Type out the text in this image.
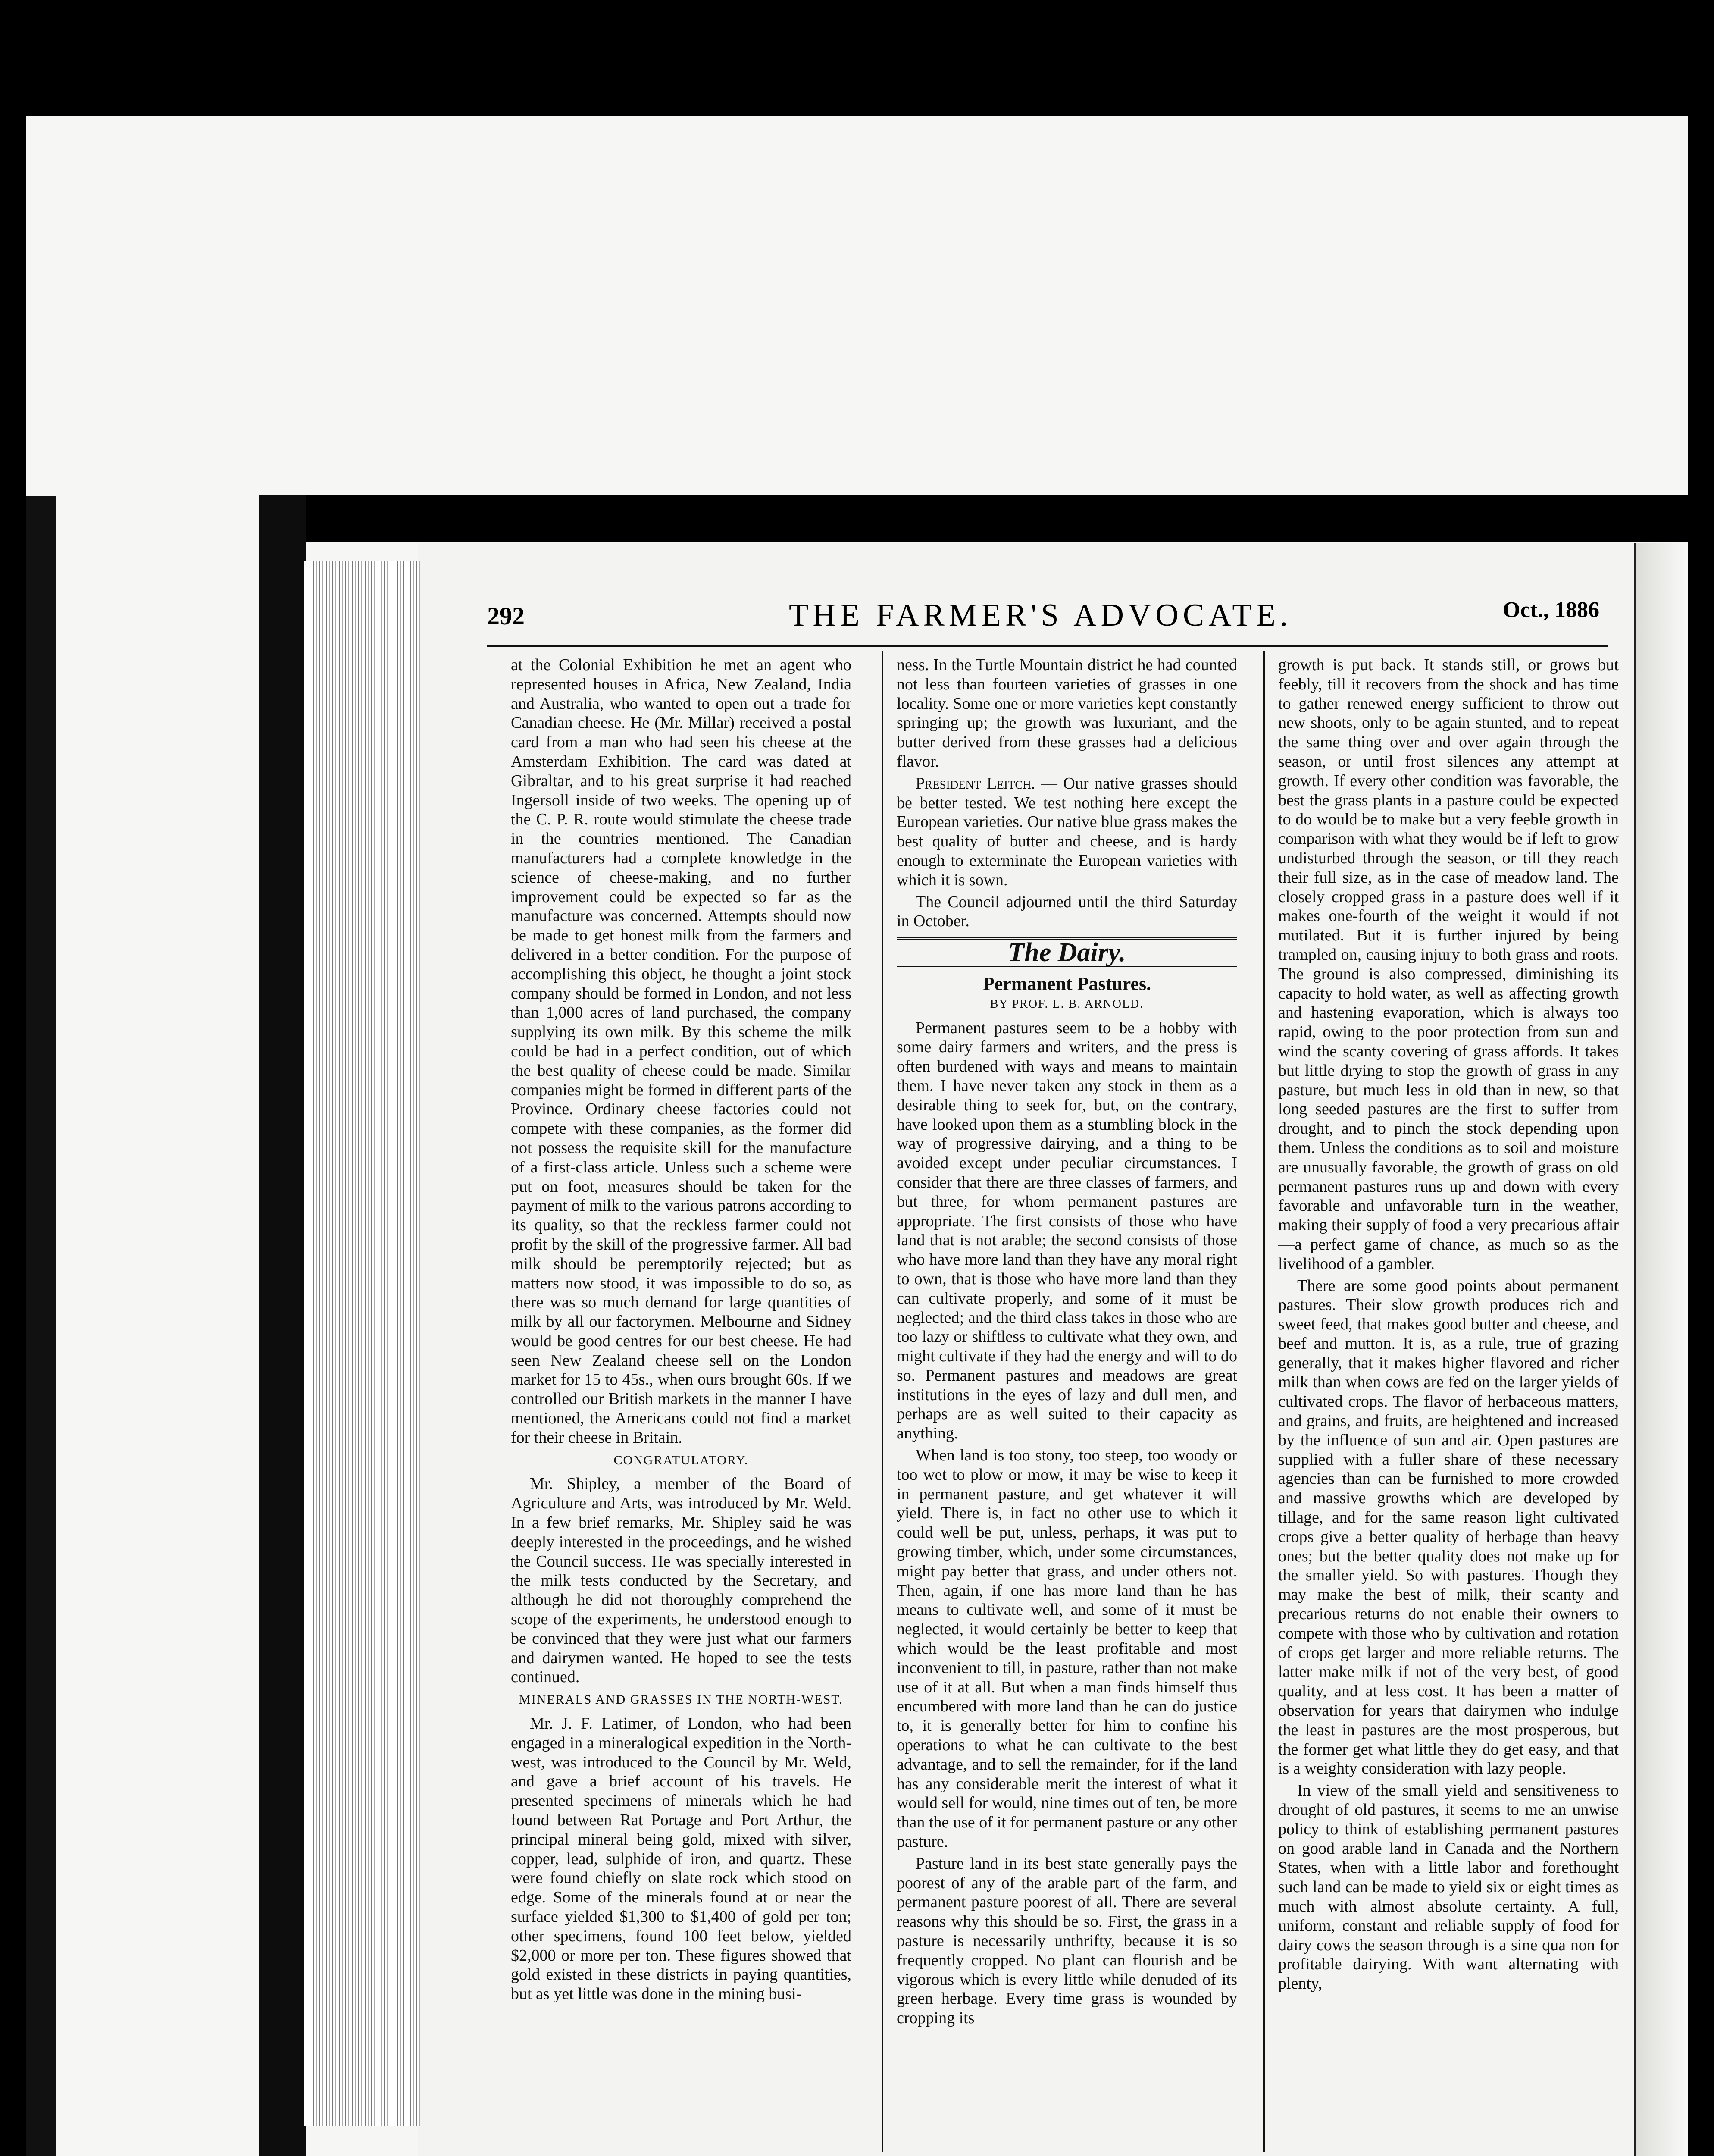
292	THE FARMER'S ADVOCATE.	Oct., 1886

at the Colonial Exhibition he met an agent who represented houses in Africa, New Zealand, India and Australia, who wanted to open out a trade for Canadian cheese. He (Mr. Millar) received a postal card from a man who had seen his cheese at the Amsterdam Exhibition. The card was dated at Gibraltar, and to his great surprise it had reached Ingersoll inside of two weeks. The opening up of the C. P. R. route would stimulate the cheese trade in the countries mentioned. The Canadian manufacturers had a complete knowledge in the science of cheese-making, and no further improvement could be expected so far as the manufacture was concerned. Attempts should now be made to get honest milk from the farmers and delivered in a better condition. For the purpose of accomplishing this object, he thought a joint stock company should be formed in London, and not less than 1,000 acres of land purchased, the company supplying its own milk. By this scheme the milk could be had in a perfect condition, out of which the best quality of cheese could be made. Similar companies might be formed in different parts of the Province. Ordinary cheese factories could not compete with these companies, as the former did not possess the requisite skill for the manufacture of a first-class article. Unless such a scheme were put on foot, measures should be taken for the payment of milk to the various patrons according to its quality, so that the reckless farmer could not profit by the skill of the progressive farmer. All bad milk should be peremptorily rejected; but as matters now stood, it was impossible to do so, as there was so much demand for large quantities of milk by all our factorymen. Melbourne and Sidney would be good centres for our best cheese. He had seen New Zealand cheese sell on the London market for 15 to 45s., when ours brought 60s. If we controlled our British markets in the manner I have mentioned, the Americans could not find a market for their cheese in Britain.

CONGRATULATORY.

Mr. Shipley, a member of the Board of Agriculture and Arts, was introduced by Mr. Weld. In a few brief remarks, Mr. Shipley said he was deeply interested in the proceedings, and he wished the Council success. He was specially interested in the milk tests conducted by the Secretary, and although he did not thoroughly comprehend the scope of the experiments, he understood enough to be convinced that they were just what our farmers and dairymen wanted. He hoped to see the tests continued.

MINERALS AND GRASSES IN THE NORTH-WEST.

Mr. J. F. Latimer, of London, who had been engaged in a mineralogical expedition in the North-west, was introduced to the Council by Mr. Weld, and gave a brief account of his travels. He presented specimens of minerals which he had found between Rat Portage and Port Arthur, the principal mineral being gold, mixed with silver, copper, lead, sulphide of iron, and quartz. These were found chiefly on slate rock which stood on edge. Some of the minerals found at or near the surface yielded $1,300 to $1,400 of gold per ton; other specimens, found 100 feet below, yielded $2,000 or more per ton. These figures showed that gold existed in these districts in paying quantities, but as yet little was done in the mining busi-

ness. In the Turtle Mountain district he had counted not less than fourteen varieties of grasses in one locality. Some one or more varieties kept constantly springing up; the growth was luxuriant, and the butter derived from these grasses had a delicious flavor.

President Leitch. — Our native grasses should be better tested. We test nothing here except the European varieties. Our native blue grass makes the best quality of butter and cheese, and is hardy enough to exterminate the European varieties with which it is sown.

The Council adjourned until the third Saturday in October.

The Dairy.
Permanent Pastures.
BY PROF. L. B. ARNOLD.

Permanent pastures seem to be a hobby with some dairy farmers and writers, and the press is often burdened with ways and means to maintain them. I have never taken any stock in them as a desirable thing to seek for, but, on the contrary, have looked upon them as a stumbling block in the way of progressive dairying, and a thing to be avoided except under peculiar circumstances. I consider that there are three classes of farmers, and but three, for whom permanent pastures are appropriate. The first consists of those who have land that is not arable; the second consists of those who have more land than they have any moral right to own, that is those who have more land than they can cultivate properly, and some of it must be neglected; and the third class takes in those who are too lazy or shiftless to cultivate what they own, and might cultivate if they had the energy and will to do so. Permanent pastures and meadows are great institutions in the eyes of lazy and dull men, and perhaps are as well suited to their capacity as anything.

When land is too stony, too steep, too woody or too wet to plow or mow, it may be wise to keep it in permanent pasture, and get whatever it will yield. There is, in fact no other use to which it could well be put, unless, perhaps, it was put to growing timber, which, under some circumstances, might pay better that grass, and under others not. Then, again, if one has more land than he has means to cultivate well, and some of it must be neglected, it would certainly be better to keep that which would be the least profitable and most inconvenient to till, in pasture, rather than not make use of it at all. But when a man finds himself thus encumbered with more land than he can do justice to, it is generally better for him to confine his operations to what he can cultivate to the best advantage, and to sell the remainder, for if the land has any considerable merit the interest of what it would sell for would, nine times out of ten, be more than the use of it for permanent pasture or any other pasture.

Pasture land in its best state generally pays the poorest of any of the arable part of the farm, and permanent pasture poorest of all. There are several reasons why this should be so. First, the grass in a pasture is necessarily unthrifty, because it is so frequently cropped. No plant can flourish and be vigorous which is every little while denuded of its green herbage. Every time grass is wounded by cropping its

growth is put back. It stands still, or grows but feebly, till it recovers from the shock and has time to gather renewed energy sufficient to throw out new shoots, only to be again stunted, and to repeat the same thing over and over again through the season, or until frost silences any attempt at growth. If every other condition was favorable, the best the grass plants in a pasture could be expected to do would be to make but a very feeble growth in comparison with what they would be if left to grow undisturbed through the season, or till they reach their full size, as in the case of meadow land. The closely cropped grass in a pasture does well if it makes one-fourth of the weight it would if not mutilated. But it is further injured by being trampled on, causing injury to both grass and roots. The ground is also compressed, diminishing its capacity to hold water, as well as affecting growth and hastening evaporation, which is always too rapid, owing to the poor protection from sun and wind the scanty covering of grass affords. It takes but little drying to stop the growth of grass in any pasture, but much less in old than in new, so that long seeded pastures are the first to suffer from drought, and to pinch the stock depending upon them. Unless the conditions as to soil and moisture are unusually favorable, the growth of grass on old permanent pastures runs up and down with every favorable and unfavorable turn in the weather, making their supply of food a very precarious affair—a perfect game of chance, as much so as the livelihood of a gambler.

There are some good points about permanent pastures. Their slow growth produces rich and sweet feed, that makes good butter and cheese, and beef and mutton. It is, as a rule, true of grazing generally, that it makes higher flavored and richer milk than when cows are fed on the larger yields of cultivated crops. The flavor of herbaceous matters, and grains, and fruits, are heightened and increased by the influence of sun and air. Open pastures are supplied with a fuller share of these necessary agencies than can be furnished to more crowded and massive growths which are developed by tillage, and for the same reason light cultivated crops give a better quality of herbage than heavy ones; but the better quality does not make up for the smaller yield. So with pastures. Though they may make the best of milk, their scanty and precarious returns do not enable their owners to compete with those who by cultivation and rotation of crops get larger and more reliable returns. The latter make milk if not of the very best, of good quality, and at less cost. It has been a matter of observation for years that dairymen who indulge the least in pastures are the most prosperous, but the former get what little they do get easy, and that is a weighty consideration with lazy people.

In view of the small yield and sensitiveness to drought of old pastures, it seems to me an unwise policy to think of establishing permanent pastures on good arable land in Canada and the Northern States, when with a little labor and forethought such land can be made to yield six or eight times as much with almost absolute certainty. A full, uniform, constant and reliable supply of food for dairy cows the season through is a sine qua non for profitable dairying. With want alternating with plenty,
